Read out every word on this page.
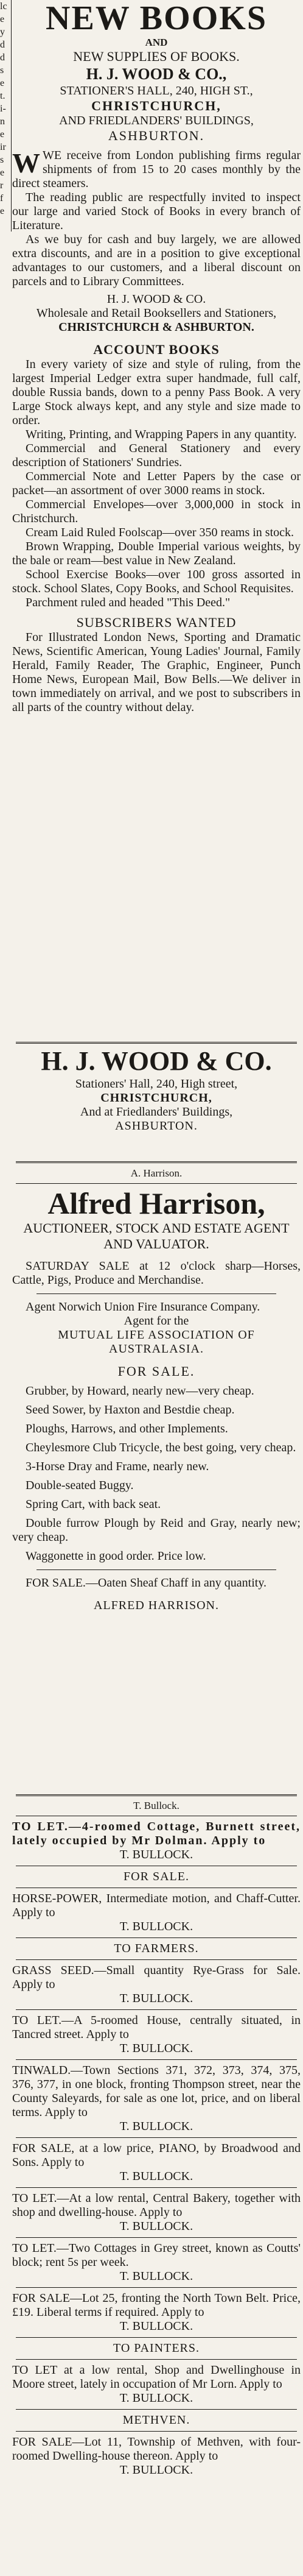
lc
e
y
d
d
s
e
t.
i-
n
e
ir
s
e
r
f
e
NEW BOOKS
AND
NEW SUPPLIES OF BOOKS.
H. J. WOOD & CO.,
STATIONER'S HALL, 240, HIGH ST.,
CHRISTCHURCH,
AND FRIEDLANDERS' BUILDINGS,
ASHBURTON.
WWE receive from London publishing firms regular shipments of from 15 to 20 cases monthly by the direct steamers.
The reading public are respectfully invited to inspect our large and varied Stock of Books in every branch of Literature.
As we buy for cash and buy largely, we are allowed extra discounts, and are in a position to give exceptional advantages to our customers, and a liberal discount on parcels and to Library Committees.
H. J. WOOD & CO.
Wholesale and Retail Booksellers and Stationers,
CHRISTCHURCH & ASHBURTON.
ACCOUNT BOOKS
In every variety of size and style of ruling, from the largest Imperial Ledger extra super handmade, full calf, double Russia bands, down to a penny Pass Book. A very Large Stock always kept, and any style and size made to order.
Writing, Printing, and Wrapping Papers in any quantity.
Commercial and General Stationery and every description of Stationers' Sundries.
Commercial Note and Letter Papers by the case or packet—an assortment of over 3000 reams in stock.
Commercial Envelopes—over 3,000,000 in stock in Christchurch.
Cream Laid Ruled Foolscap—over 350 reams in stock.
Brown Wrapping, Double Imperial various weights, by the bale or ream—best value in New Zealand.
School Exercise Books—over 100 gross assorted in stock. School Slates, Copy Books, and School Requisites.
Parchment ruled and headed "This Deed."
SUBSCRIBERS WANTED
For Illustrated London News, Sporting and Dramatic News, Scientific American, Young Ladies' Journal, Family Herald, Family Reader, The Graphic, Engineer, Punch Home News, European Mail, Bow Bells.—We deliver in town immediately on arrival, and we post to subscribers in all parts of the country without delay.
H. J. WOOD & CO.
Stationers' Hall, 240, High street,
CHRISTCHURCH,
And at Friedlanders' Buildings,
ASHBURTON.
A. Harrison.
Alfred Harrison,
AUCTIONEER, STOCK AND ESTATE AGENT AND VALUATOR.
SATURDAY SALE at 12 o'clock sharp—Horses, Cattle, Pigs, Produce and Merchandise.
Agent Norwich Union Fire Insurance Company.
Agent for the
MUTUAL LIFE ASSOCIATION OF AUSTRALASIA.
FOR SALE.
Grubber, by Howard, nearly new—very cheap.
Seed Sower, by Haxton and Bestdie cheap.
Ploughs, Harrows, and other Implements.
Cheylesmore Club Tricycle, the best going, very cheap.
3-Horse Dray and Frame, nearly new.
Double-seated Buggy.
Spring Cart, with back seat.
Double furrow Plough by Reid and Gray, nearly new; very cheap.
Waggonette in good order. Price low.
FOR SALE.—Oaten Sheaf Chaff in any quantity.
ALFRED HARRISON.
T. Bullock.
TO LET.—4-roomed Cottage, Burnett street, lately occupied by Mr Dolman. Apply to
T. BULLOCK.
FOR SALE.
HORSE-POWER, Intermediate motion, and Chaff-Cutter. Apply to
T. BULLOCK.
TO FARMERS.
GRASS SEED.—Small quantity Rye-Grass for Sale. Apply to
T. BULLOCK.
TO LET.—A 5-roomed House, centrally situated, in Tancred street. Apply to
T. BULLOCK.
TINWALD.—Town Sections 371, 372, 373, 374, 375, 376, 377, in one block, fronting Thompson street, near the County Saleyards, for sale as one lot, price, and on liberal terms. Apply to
T. BULLOCK.
FOR SALE, at a low price, PIANO, by Broadwood and Sons. Apply to
T. BULLOCK.
TO LET.—At a low rental, Central Bakery, together with shop and dwelling-house. Apply to
T. BULLOCK.
TO LET.—Two Cottages in Grey street, known as Coutts' block; rent 5s per week.
T. BULLOCK.
FOR SALE—Lot 25, fronting the North Town Belt. Price, £19. Liberal terms if required. Apply to
T. BULLOCK.
TO PAINTERS.
TO LET at a low rental, Shop and Dwellinghouse in Moore street, lately in occupation of Mr Lorn. Apply to
T. BULLOCK.
METHVEN.
FOR SALE—Lot 11, Township of Methven, with four-roomed Dwelling-house thereon. Apply to
T. BULLOCK.
